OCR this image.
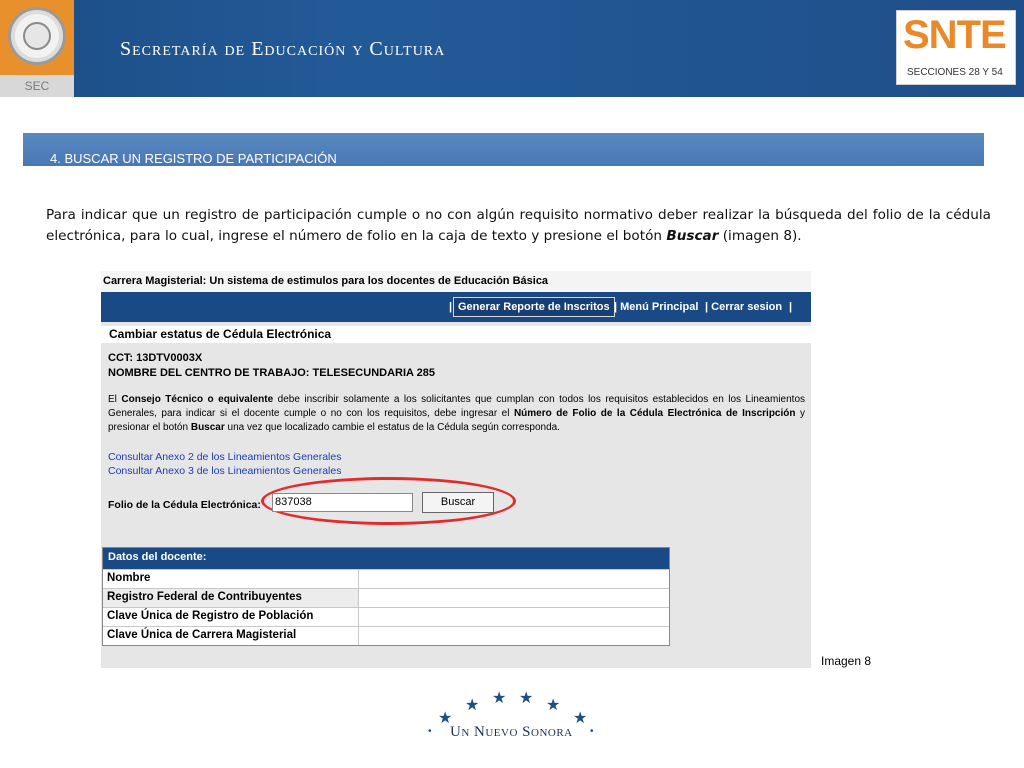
SEC
Secretaría de Educación y Cultura	SNTE
SECCIONES 28 Y 54
4. BUSCAR UN REGISTRO DE PARTICIPACIÓN
Para indicar que un registro de participación cumple o no con algún requisito normativo deber realizar la búsqueda del folio de la cédula electrónica, para lo cual, ingrese el número de folio en la caja de texto y presione el botón Buscar (imagen 8).
Carrera Magisterial: Un sistema de estimulos para los docentes de Educación Básica
| Generar Reporte de Inscritos | Menú Principal | Cerrar sesion |
Cambiar estatus de Cédula Electrónica
CCT: 13DTV0003X
NOMBRE DEL CENTRO DE TRABAJO: TELESECUNDARIA 285
El Consejo Técnico o equivalente debe inscribir solamente a los solicitantes que cumplan con todos los requisitos establecidos en los Lineamientos Generales, para indicar si el docente cumple o no con los requisitos, debe ingresar el Número de Folio de la Cédula Electrónica de Inscripción y presionar el botón Buscar una vez que localizado cambie el estatus de la Cédula según corresponda.
Consultar Anexo 2 de los Lineamientos Generales
Consultar Anexo 3 de los Lineamientos Generales
Folio de la Cédula Electrónica: 837038	Buscar
Datos del docente:
Nombre
Registro Federal de Contribuyentes
Clave Única de Registro de Población
Clave Única de Carrera Magisterial
Imagen 8
★
★ ★ ★ ★
★
• Un Nuevo Sonora •
